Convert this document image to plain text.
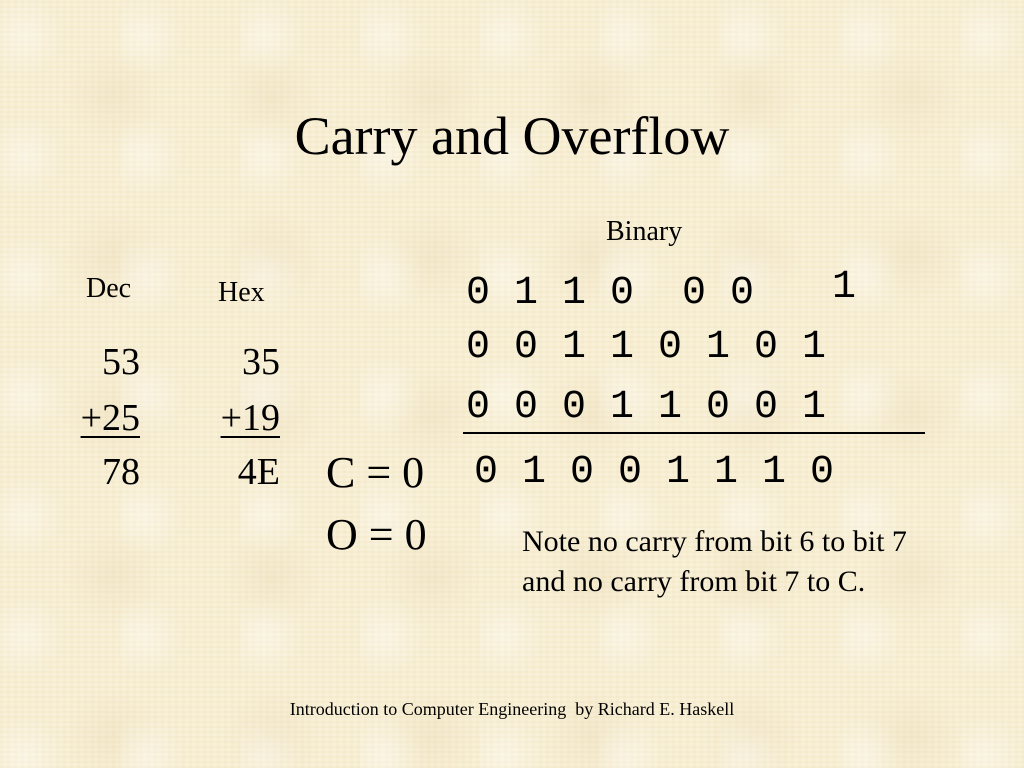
Carry and Overflow
Binary
Dec	Hex
53
+25
78
35
+19
4E
0 1 1 0  0 0 1
0 0 1 1 0 1 0 1
0 0 0 1 1 0 0 1
0 1 0 0 1 1 1 0
C = 0
O = 0	Note no carry from bit 6 to bit 7
and no carry from bit 7 to C.
Introduction to Computer Engineering  by Richard E. Haskell
